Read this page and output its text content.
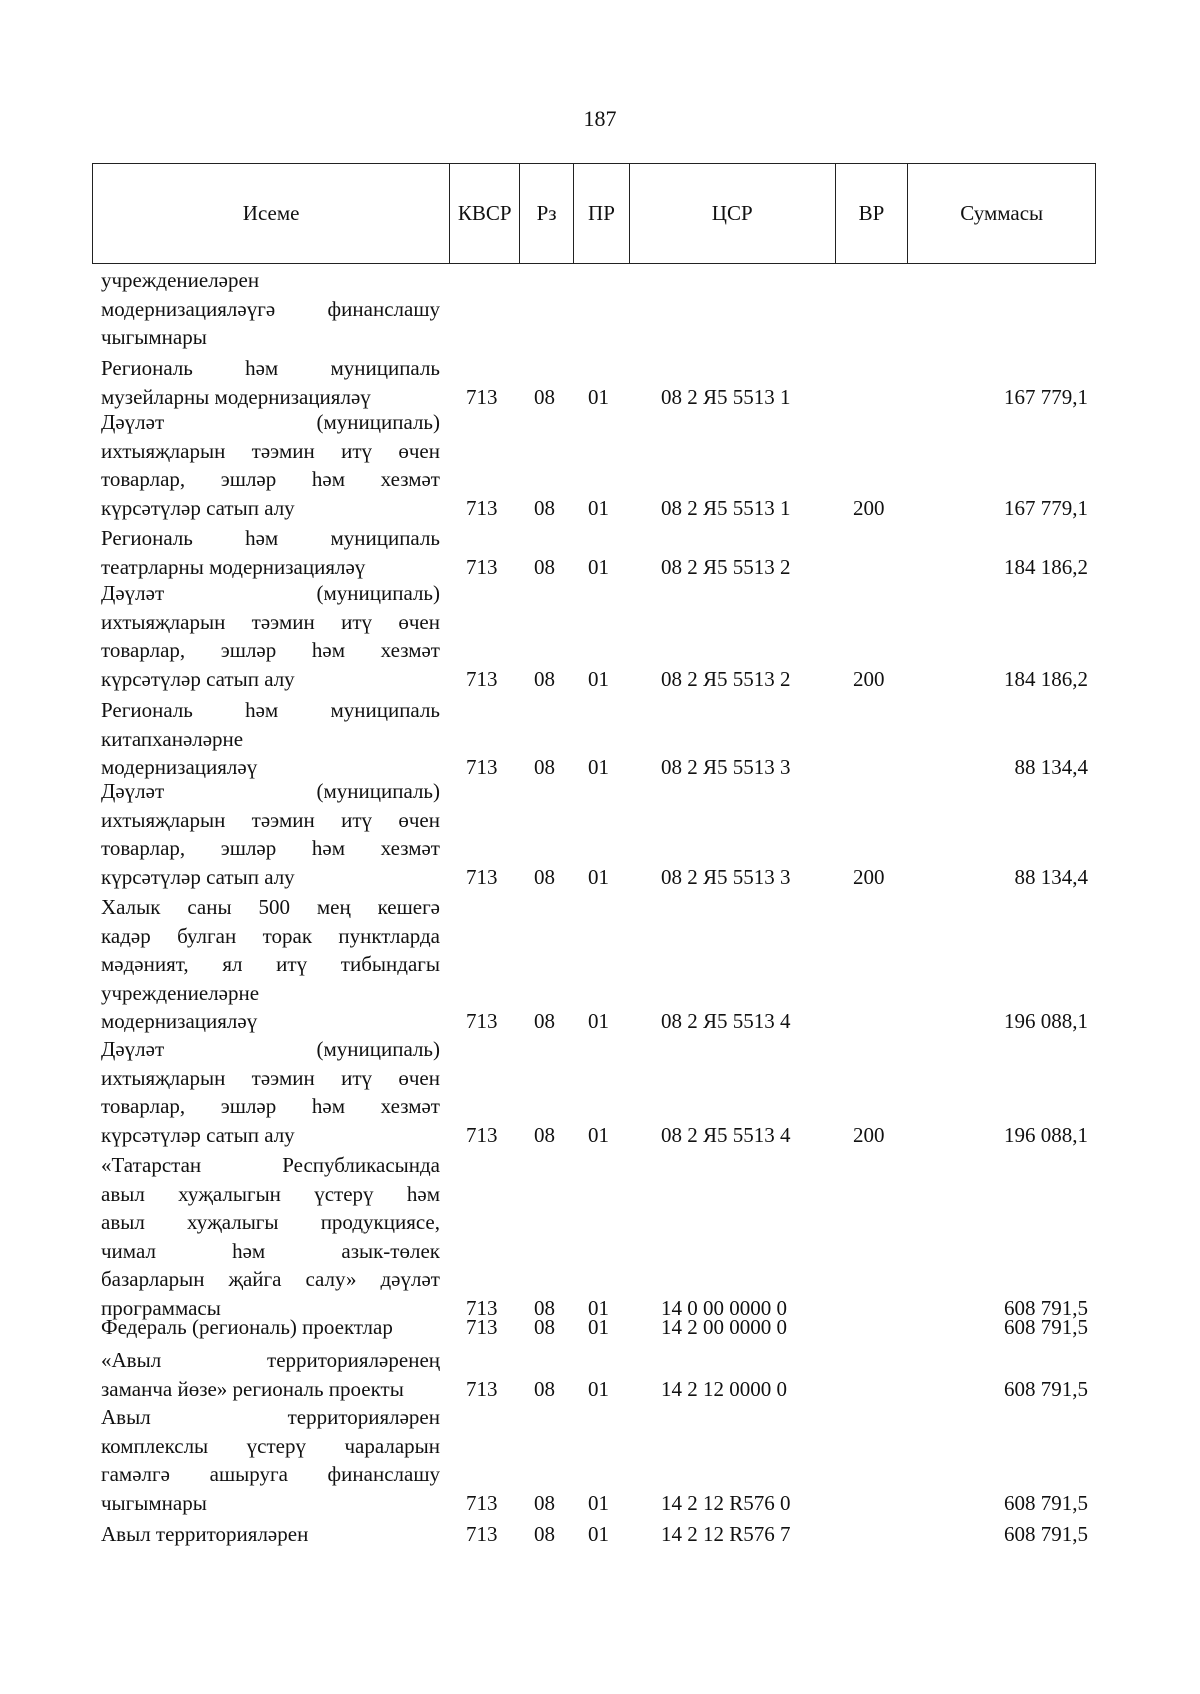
187
Исеме	КВСР	Рз	ПР	ЦСР	ВР	Суммасы
учреждениеләрен
модернизацияләүгә финанслашу
чыгымнары
Региональ һәм муниципаль
музейларны модернизацияләү	713 08 01 08 2 Я5 5513 1	167 779,1
Дәүләт (муниципаль)
ихтыяҗларын тәэмин итү өчен
товарлар, эшләр һәм хезмәт
күрсәтүләр сатып алу	713 08 01 08 2 Я5 5513 1	200	167 779,1
Региональ һәм муниципаль
театрларны модернизацияләү	713 08 01 08 2 Я5 5513 2	184 186,2
Дәүләт (муниципаль)
ихтыяҗларын тәэмин итү өчен
товарлар, эшләр һәм хезмәт
күрсәтүләр сатып алу	713 08 01 08 2 Я5 5513 2	200	184 186,2
Региональ һәм муниципаль
китапханәләрне
модернизацияләү	713 08 01 08 2 Я5 5513 3	88 134,4
Дәүләт (муниципаль)
ихтыяҗларын тәэмин итү өчен
товарлар, эшләр һәм хезмәт
күрсәтүләр сатып алу	713 08 01 08 2 Я5 5513 3	200	88 134,4
Халык саны 500 мең кешегә
кадәр булган торак пунктларда
мәдәният, ял итү тибындагы
учреждениеләрне
модернизацияләү	713 08 01 08 2 Я5 5513 4	196 088,1
Дәүләт (муниципаль)
ихтыяҗларын тәэмин итү өчен
товарлар, эшләр һәм хезмәт
күрсәтүләр сатып алу	713 08 01 08 2 Я5 5513 4	200	196 088,1
«Татарстан Республикасында
авыл хуҗалыгын үстерү һәм
авыл хуҗалыгы продукциясе,
чимал һәм азык-төлек
базарларын җайга салу» дәүләт
программасы	713 08 01 14 0 00 0000 0	608 791,5
Федераль (региональ) проектлар	713 08 01 14 2 00 0000 0	608 791,5
«Авыл территорияләренең
заманча йөзе» региональ проекты	713 08 01 14 2 12 0000 0	608 791,5
Авыл территорияләрен
комплекслы үстерү чараларын
гамәлгә ашыруга финанслашу
чыгымнары	713 08 01 14 2 12 R576 0	608 791,5
Авыл территорияләрен	713 08 01 14 2 12 R576 7	608 791,5
